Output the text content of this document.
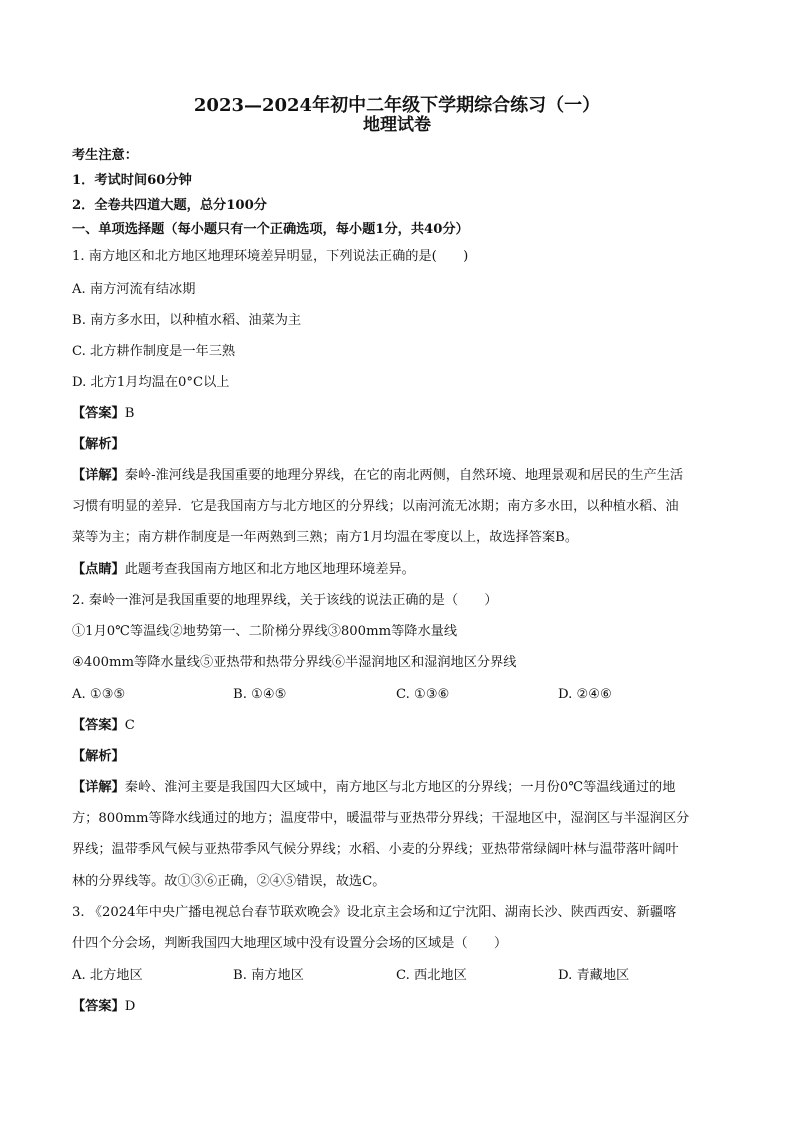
2023—2024年初中二年级下学期综合练习（一）
地理试卷
考生注意：
1．考试时间60分钟
2．全卷共四道大题，总分100分
一、单项选择题（每小题只有一个正确选项，每小题1分，共40分）
1. 南方地区和北方地区地理环境差异明显，下列说法正确的是(　　)
A. 南方河流有结冰期
B. 南方多水田，以种植水稻、油菜为主
C. 北方耕作制度是一年三熟
D. 北方1月均温在0°C以上
【答案】B
【解析】
【详解】秦岭-淮河线是我国重要的地理分界线，在它的南北两侧，自然环境、地理景观和居民的生产生活
习惯有明显的差异．它是我国南方与北方地区的分界线；以南河流无冰期；南方多水田，以种植水稻、油
菜等为主；南方耕作制度是一年两熟到三熟；南方1月均温在零度以上，故选择答案B。
【点睛】此题考查我国南方地区和北方地区地理环境差异。
2. 秦岭一淮河是我国重要的地理界线，关于该线的说法正确的是（　　）
①1月0℃等温线②地势第一、二阶梯分界线③800mm等降水量线
④400mm等降水量线⑤亚热带和热带分界线⑥半湿润地区和湿润地区分界线
A. ①③⑤	B. ①④⑤	C. ①③⑥	D. ②④⑥
【答案】C
【解析】
【详解】秦岭、淮河主要是我国四大区域中，南方地区与北方地区的分界线；一月份0℃等温线通过的地
方；800mm等降水线通过的地方；温度带中，暖温带与亚热带分界线；干湿地区中，湿润区与半湿润区分
界线；温带季风气候与亚热带季风气候分界线；水稻、小麦的分界线；亚热带常绿阔叶林与温带落叶阔叶
林的分界线等。故①③⑥正确，②④⑤错误，故选C。
3. 《2024年中央广播电视总台春节联欢晚会》设北京主会场和辽宁沈阳、湖南长沙、陕西西安、新疆喀
什四个分会场，判断我国四大地理区域中没有设置分会场的区域是（　　）
A. 北方地区	B. 南方地区	C. 西北地区	D. 青藏地区
【答案】D
